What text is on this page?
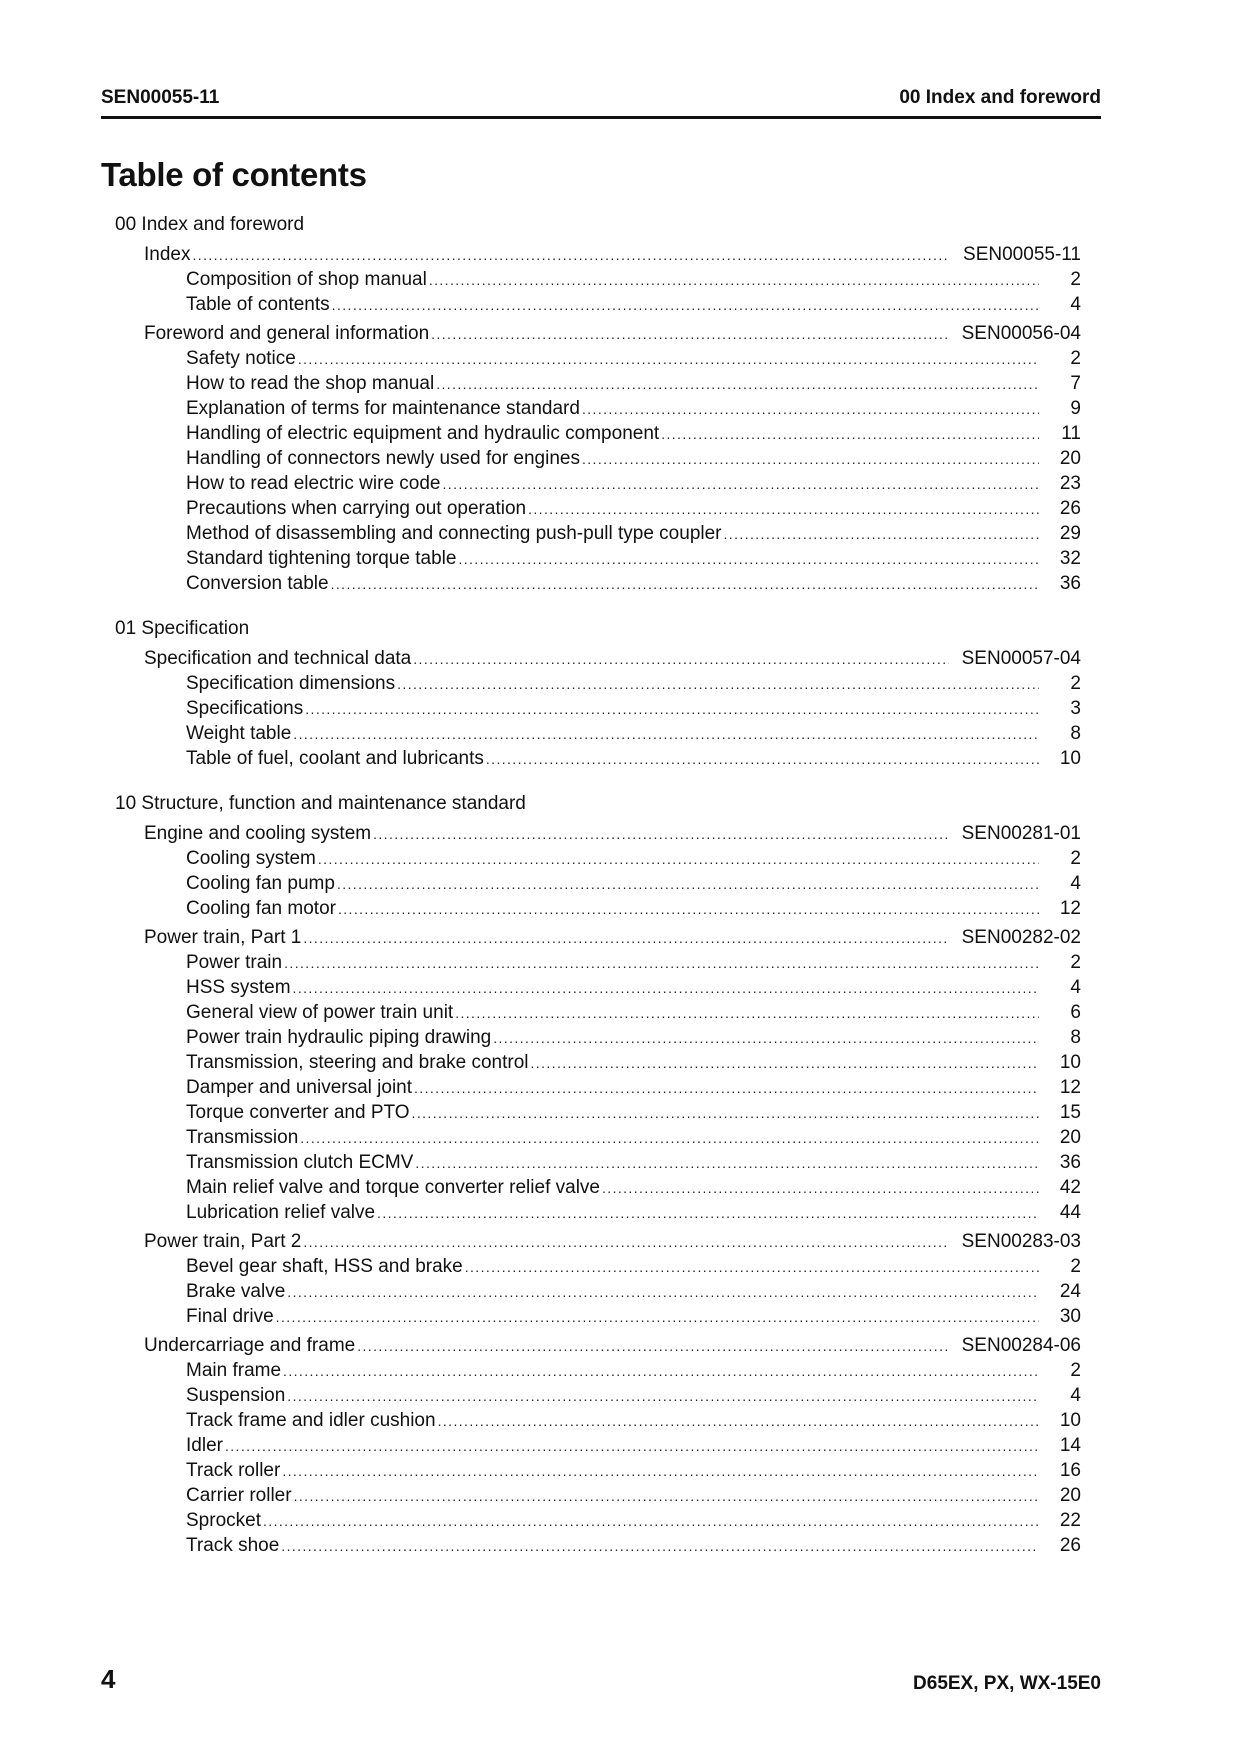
SEN00055-11	00 Index and foreword
Table of contents
00 Index and foreword
Index .....	SEN00055-11
Composition of shop manual .....	2
Table of contents .....	4
Foreword and general information .....	SEN00056-04
Safety notice .....	2
How to read the shop manual .....	7
Explanation of terms for maintenance standard .....	9
Handling of electric equipment and hydraulic component .....	11
Handling of connectors newly used for engines .....	20
How to read electric wire code .....	23
Precautions when carrying out operation .....	26
Method of disassembling and connecting push-pull type coupler .....	29
Standard tightening torque table .....	32
Conversion table .....	36
01 Specification
Specification and technical data .....	SEN00057-04
Specification dimensions .....	2
Specifications .....	3
Weight table .....	8
Table of fuel, coolant and lubricants .....	10
10 Structure, function and maintenance standard
Engine and cooling system .....	SEN00281-01
Cooling system .....	2
Cooling fan pump .....	4
Cooling fan motor .....	12
Power train, Part 1 .....	SEN00282-02
Power train .....	2
HSS system .....	4
General view of power train unit .....	6
Power train hydraulic piping drawing .....	8
Transmission, steering and brake control .....	10
Damper and universal joint .....	12
Torque converter and PTO .....	15
Transmission .....	20
Transmission clutch ECMV .....	36
Main relief valve and torque converter relief valve .....	42
Lubrication relief valve .....	44
Power train, Part 2 .....	SEN00283-03
Bevel gear shaft, HSS and brake .....	2
Brake valve .....	24
Final drive .....	30
Undercarriage and frame .....	SEN00284-06
Main frame .....	2
Suspension .....	4
Track frame and idler cushion .....	10
Idler .....	14
Track roller .....	16
Carrier roller .....	20
Sprocket .....	22
Track shoe .....	26
4	D65EX, PX, WX-15E0
